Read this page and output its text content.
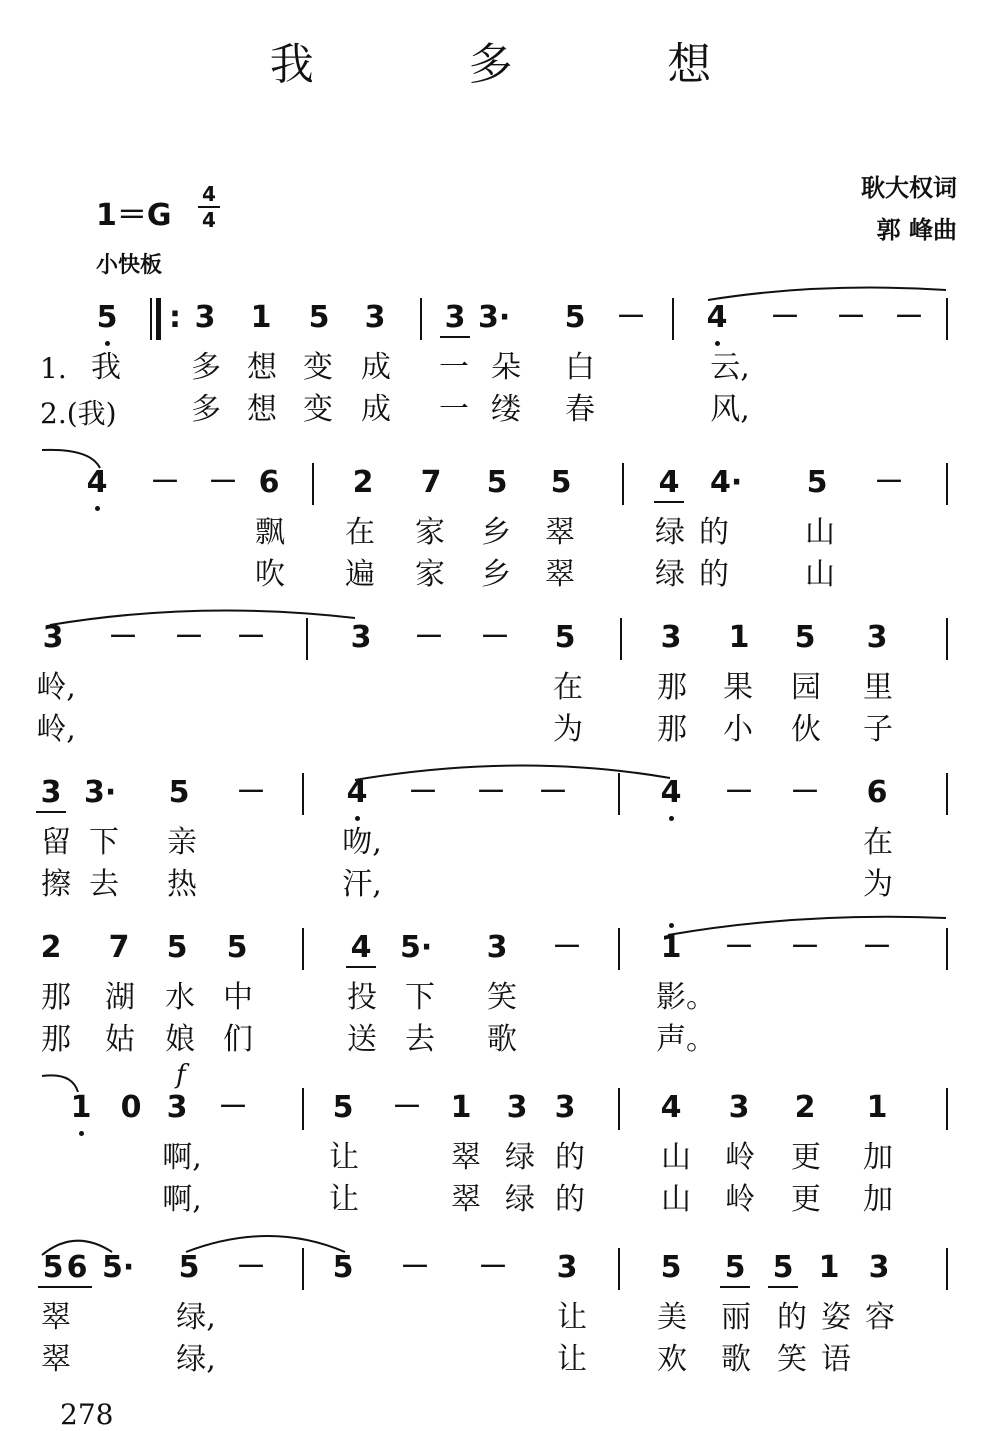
我 多 想
耿大权词
郭 峰曲
1＝G
4
4
小快板
5	3 1 5 3 3 3· 5 － 4 － － －
我 多 想 变 成 一 朵 白	云,
多 想 变 成 一 缕 春	风,
4 － － 6 2 7 5 5	4 4· 5 －
飘 在 家 乡 翠	绿 的	山
吹 遍 家 乡 翠	绿 的	山
3 － － －	3 － － 5	3 1 5 3
岭,	在 那 果 园 里
岭,	为 那 小 伙 子
3 3· 5 －	4 － － －	4 － － 6
留 下 亲	吻,	在
擦 去 热	汗,	为
2 7 5 5	4 5· 3 －	1 － － －
那 湖 水 中	投 下 笑	影。
那 姑 娘 们	送 去 歌	声。
1 0 3 －	5 － 1 3 3	4 3 2 1
啊,	让	翠 绿 的	山 岭 更 加
啊,	让	翠 绿 的	山 岭 更 加
5 6 5· 5 － 5 － － 3	5 5 5 1 3
翠	绿,	让 美 丽 的 姿 容
翠	绿,	让 欢 歌 笑 语
:
1.
2.(我)
f
278
